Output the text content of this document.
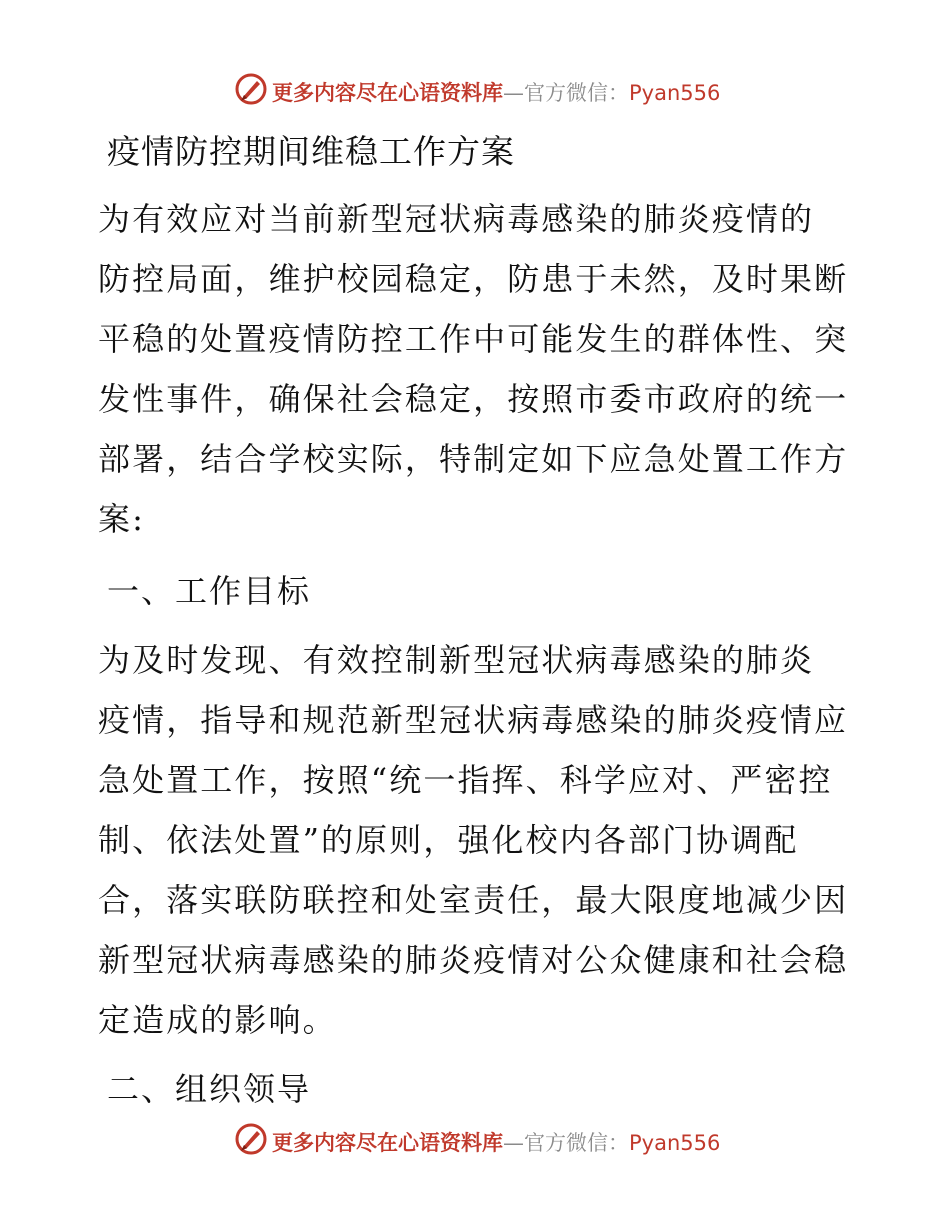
更多内容尽在心语资料库—官方微信：Pyan556
疫情防控期间维稳工作方案
为有效应对当前新型冠状病毒感染的肺炎疫情的
防控局面，维护校园稳定，防患于未然，及时果断
平稳的处置疫情防控工作中可能发生的群体性、突
发性事件，确保社会稳定，按照市委市政府的统一
部署，结合学校实际，特制定如下应急处置工作方
案:
一、工作目标
为及时发现、有效控制新型冠状病毒感染的肺炎
疫情，指导和规范新型冠状病毒感染的肺炎疫情应
急处置工作，按照“统一指挥、科学应对、严密控
制、依法处置”的原则，强化校内各部门协调配
合，落实联防联控和处室责任，最大限度地减少因
新型冠状病毒感染的肺炎疫情对公众健康和社会稳
定造成的影响。
二、组织领导
更多内容尽在心语资料库—官方微信：Pyan556
